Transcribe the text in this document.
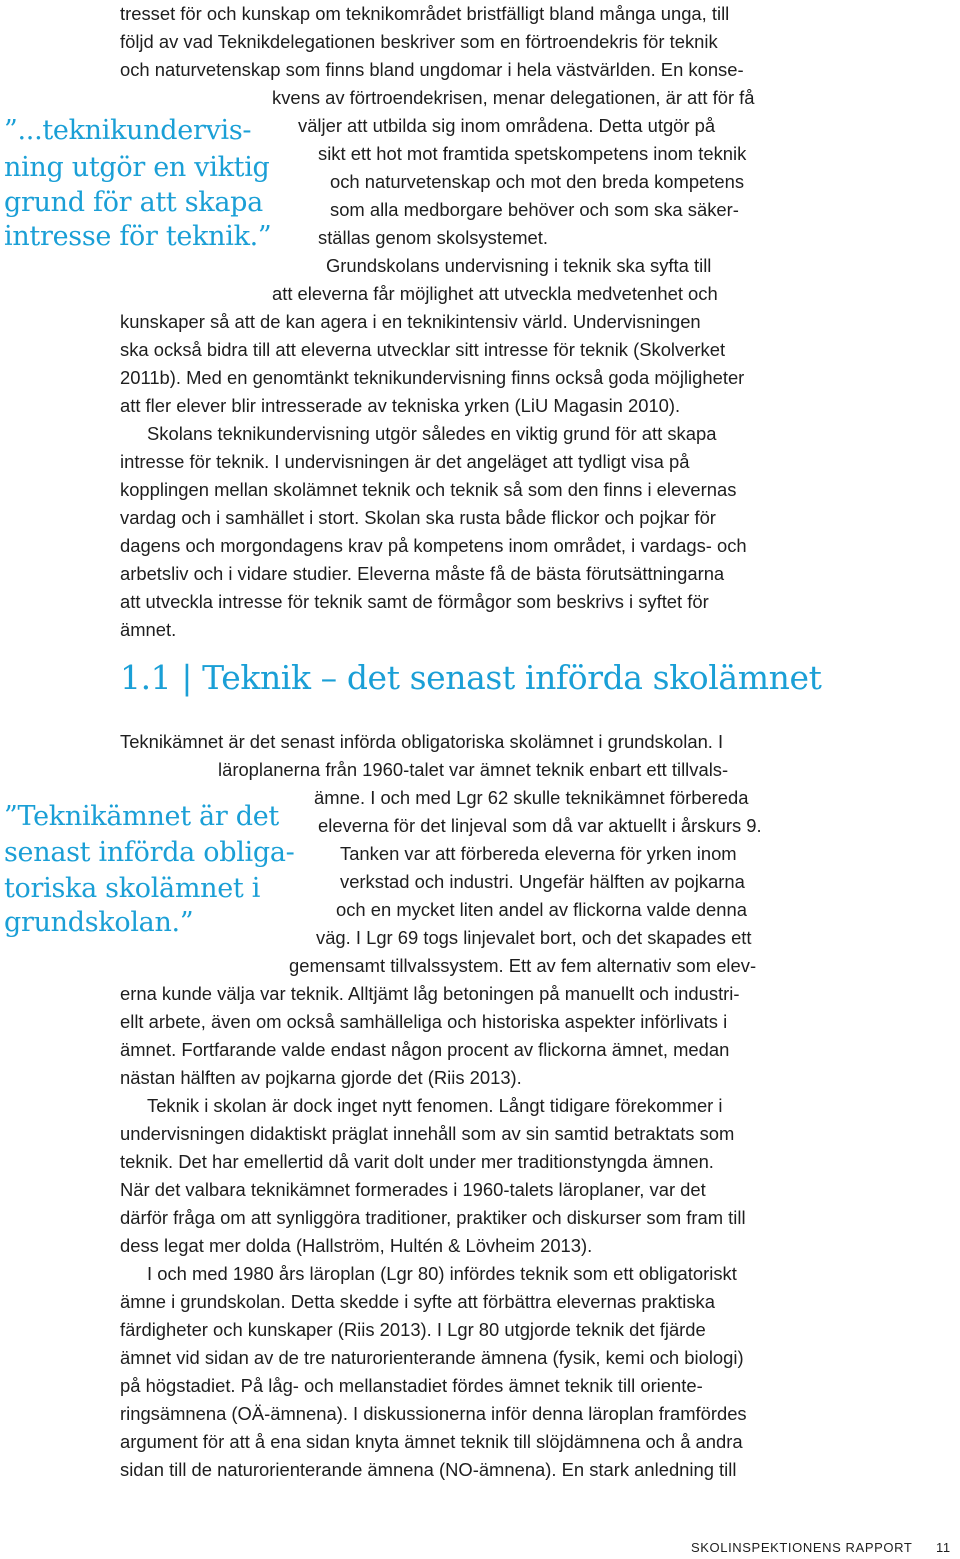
tresset för och kunskap om teknikområdet bristfälligt bland många unga, till
följd av vad Teknikdelegationen beskriver som en förtroendekris för teknik
och naturvetenskap som finns bland ungdomar i hela västvärlden. En konse-
kvens av förtroendekrisen, menar delegationen, är att för få
väljer att utbilda sig inom områdena. Detta utgör på
sikt ett hot mot framtida spetskompetens inom teknik
och naturvetenskap och mot den breda kompetens
som alla medborgare behöver och som ska säker-
ställas genom skolsystemet.
Grundskolans undervisning i teknik ska syfta till
att eleverna får möjlighet att utveckla medvetenhet och
kunskaper så att de kan agera i en teknikintensiv värld. Undervisningen
ska också bidra till att eleverna utvecklar sitt intresse för teknik (Skolverket
2011b). Med en genomtänkt teknikundervisning finns också goda möjligheter
att fler elever blir intresserade av tekniska yrken (LiU Magasin 2010).
Skolans teknikundervisning utgör således en viktig grund för att skapa
intresse för teknik. I undervisningen är det angeläget att tydligt visa på
kopplingen mellan skolämnet teknik och teknik så som den finns i elevernas
vardag och i samhället i stort. Skolan ska rusta både flickor och pojkar för
dagens och morgondagens krav på kompetens inom området, i vardags- och
arbetsliv och i vidare studier. Eleverna måste få de bästa förutsättningarna
att utveckla intresse för teknik samt de förmågor som beskrivs i syftet för
ämnet.
”...teknikundervis-
ning utgör en viktig
grund för att skapa
intresse för teknik.”
1.1 | Teknik – det senast införda skolämnet
Teknikämnet är det senast införda obligatoriska skolämnet i grundskolan. I
läroplanerna från 1960-talet var ämnet teknik enbart ett tillvals-
ämne. I och med Lgr 62 skulle teknikämnet förbereda
eleverna för det linjeval som då var aktuellt i årskurs 9.
Tanken var att förbereda eleverna för yrken inom
verkstad och industri. Ungefär hälften av pojkarna
och en mycket liten andel av flickorna valde denna
väg. I Lgr 69 togs linjevalet bort, och det skapades ett
gemensamt tillvalssystem. Ett av fem alternativ som elev-
erna kunde välja var teknik. Alltjämt låg betoningen på manuellt och industri-
ellt arbete, även om också samhälleliga och historiska aspekter införlivats i
ämnet. Fortfarande valde endast någon procent av flickorna ämnet, medan
nästan hälften av pojkarna gjorde det (Riis 2013).
Teknik i skolan är dock inget nytt fenomen. Långt tidigare förekommer i
undervisningen didaktiskt präglat innehåll som av sin samtid betraktats som
teknik. Det har emellertid då varit dolt under mer traditionstyngda ämnen.
När det valbara teknikämnet formerades i 1960-talets läroplaner, var det
därför fråga om att synliggöra traditioner, praktiker och diskurser som fram till
dess legat mer dolda (Hallström, Hultén & Lövheim 2013).
I och med 1980 års läroplan (Lgr 80) infördes teknik som ett obligatoriskt
ämne i grundskolan. Detta skedde i syfte att förbättra elevernas praktiska
färdigheter och kunskaper (Riis 2013). I Lgr 80 utgjorde teknik det fjärde
ämnet vid sidan av de tre naturorienterande ämnena (fysik, kemi och biologi)
på högstadiet. På låg- och mellanstadiet fördes ämnet teknik till oriente-
ringsämnena (OÄ-ämnena). I diskussionerna inför denna läroplan framfördes
argument för att å ena sidan knyta ämnet teknik till slöjdämnena och å andra
sidan till de naturorienterande ämnena (NO-ämnena). En stark anledning till
”Teknikämnet är det
senast införda obliga-
toriska skolämnet i
grundskolan.”
SKOLINSPEKTIONENS RAPPORT 11
